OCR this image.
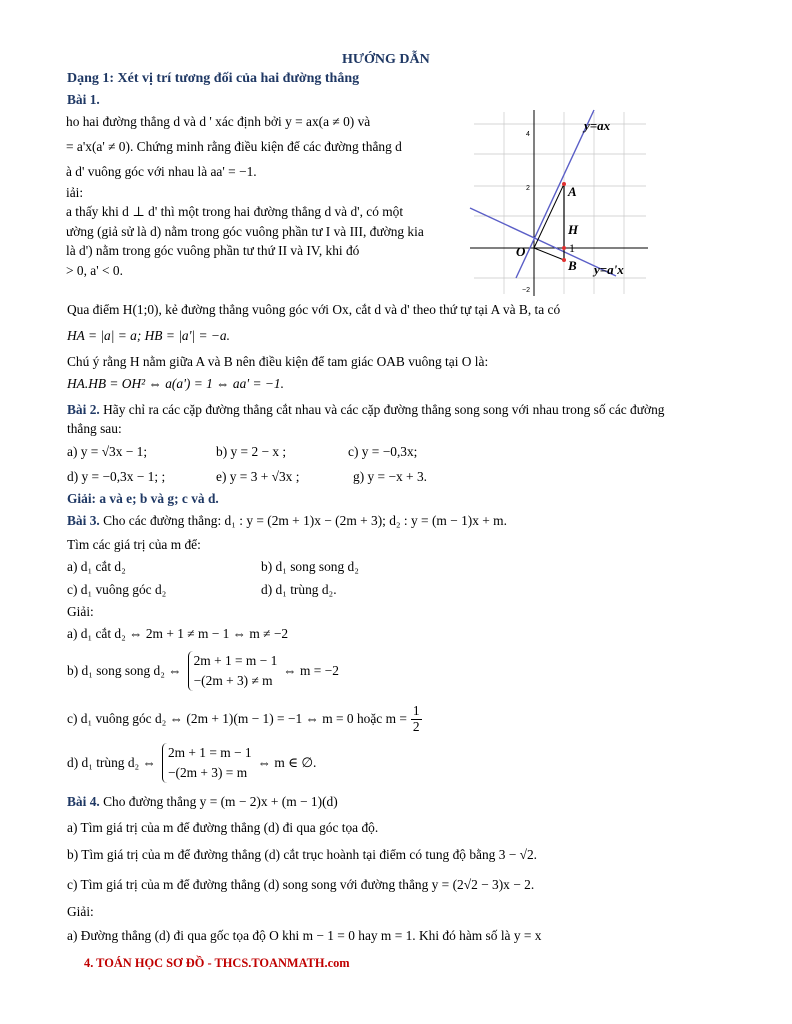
HƯỚNG DẪN
Dạng 1: Xét vị trí tương đối của hai đường thẳng
Bài 1.
ho hai đường thẳng d và d ' xác định bởi y = ax(a ≠ 0) và
= a'x(a' ≠ 0). Chứng minh rằng điều kiện để các đường thẳng d
à d' vuông góc với nhau là aa' = −1.
iải:
a thấy khi d ⊥ d' thì một trong hai đường thẳng d và d', có một
ường (giả sử là d) nằm trong góc vuông phần tư I và III, đường kia
là d') nằm trong góc vuông phần tư thứ II và IV, khi đó
> 0, a' < 0.
y=ax
y=a'x
A
H
B
O	1
4
2
−2
Qua điểm H(1;0), kẻ đường thẳng vuông góc với Ox, cắt d và d' theo thứ tự tại A và B, ta có
HA = |a| = a; HB = |a'| = −a.
Chú ý rằng H nằm giữa A và B nên điều kiện để tam giác OAB vuông tại O là:
HA.HB = OH² ⇔ a(a') = 1 ⇔ aa' = −1.
Bài 2. Hãy chỉ ra các cặp đường thẳng cắt nhau và các cặp đường thẳng song song với nhau trong số các đường
thẳng sau:
a) y = √3x − 1;	b) y = 2 − x ;	c) y = −0,3x;
d) y = −0,3x − 1; ;	e) y = 3 + √3x ;	g) y = −x + 3.
Giải: a và e; b và g; c và d.
Bài 3. Cho các đường thẳng: d₁ : y = (2m + 1)x − (2m + 3); d₂ : y = (m − 1)x + m.
Tìm các giá trị của m để:
a) d₁ cắt d₂	b) d₁ song song d₂
c) d₁ vuông góc d₂	d) d₁ trùng d₂.
Giải:
a) d₁ cắt d₂ ⇔ 2m + 1 ≠ m − 1 ⇔ m ≠ −2
b) d₁ song song d₂ ⇔
2m + 1 = m − 1
−(2m + 3) ≠ m
⇔ m = −2
c) d₁ vuông góc d₂ ⇔ (2m + 1)(m − 1) = −1 ⇔ m = 0 hoặc $m = \frac{1}{2}$
d) d₁ trùng d₂ ⇔
2m + 1 = m − 1
−(2m + 3) = m
⇔ m ∈ ∅.
Bài 4. Cho đường thẳng y = (m − 2)x + (m − 1)(d)
a) Tìm giá trị của m để đường thẳng (d) đi qua góc tọa độ.
b) Tìm giá trị của m để đường thẳng (d) cắt trục hoành tại điểm có tung độ bằng 3 − √2.
c) Tìm giá trị của m để đường thẳng (d) song song với đường thẳng y = (2√2 − 3)x − 2.
Giải:
a) Đường thẳng (d) đi qua gốc tọa độ O khi m − 1 = 0 hay m = 1. Khi đó hàm số là y = x
4. TOÁN HỌC SƠ ĐỒ - THCS.TOANMATH.com
